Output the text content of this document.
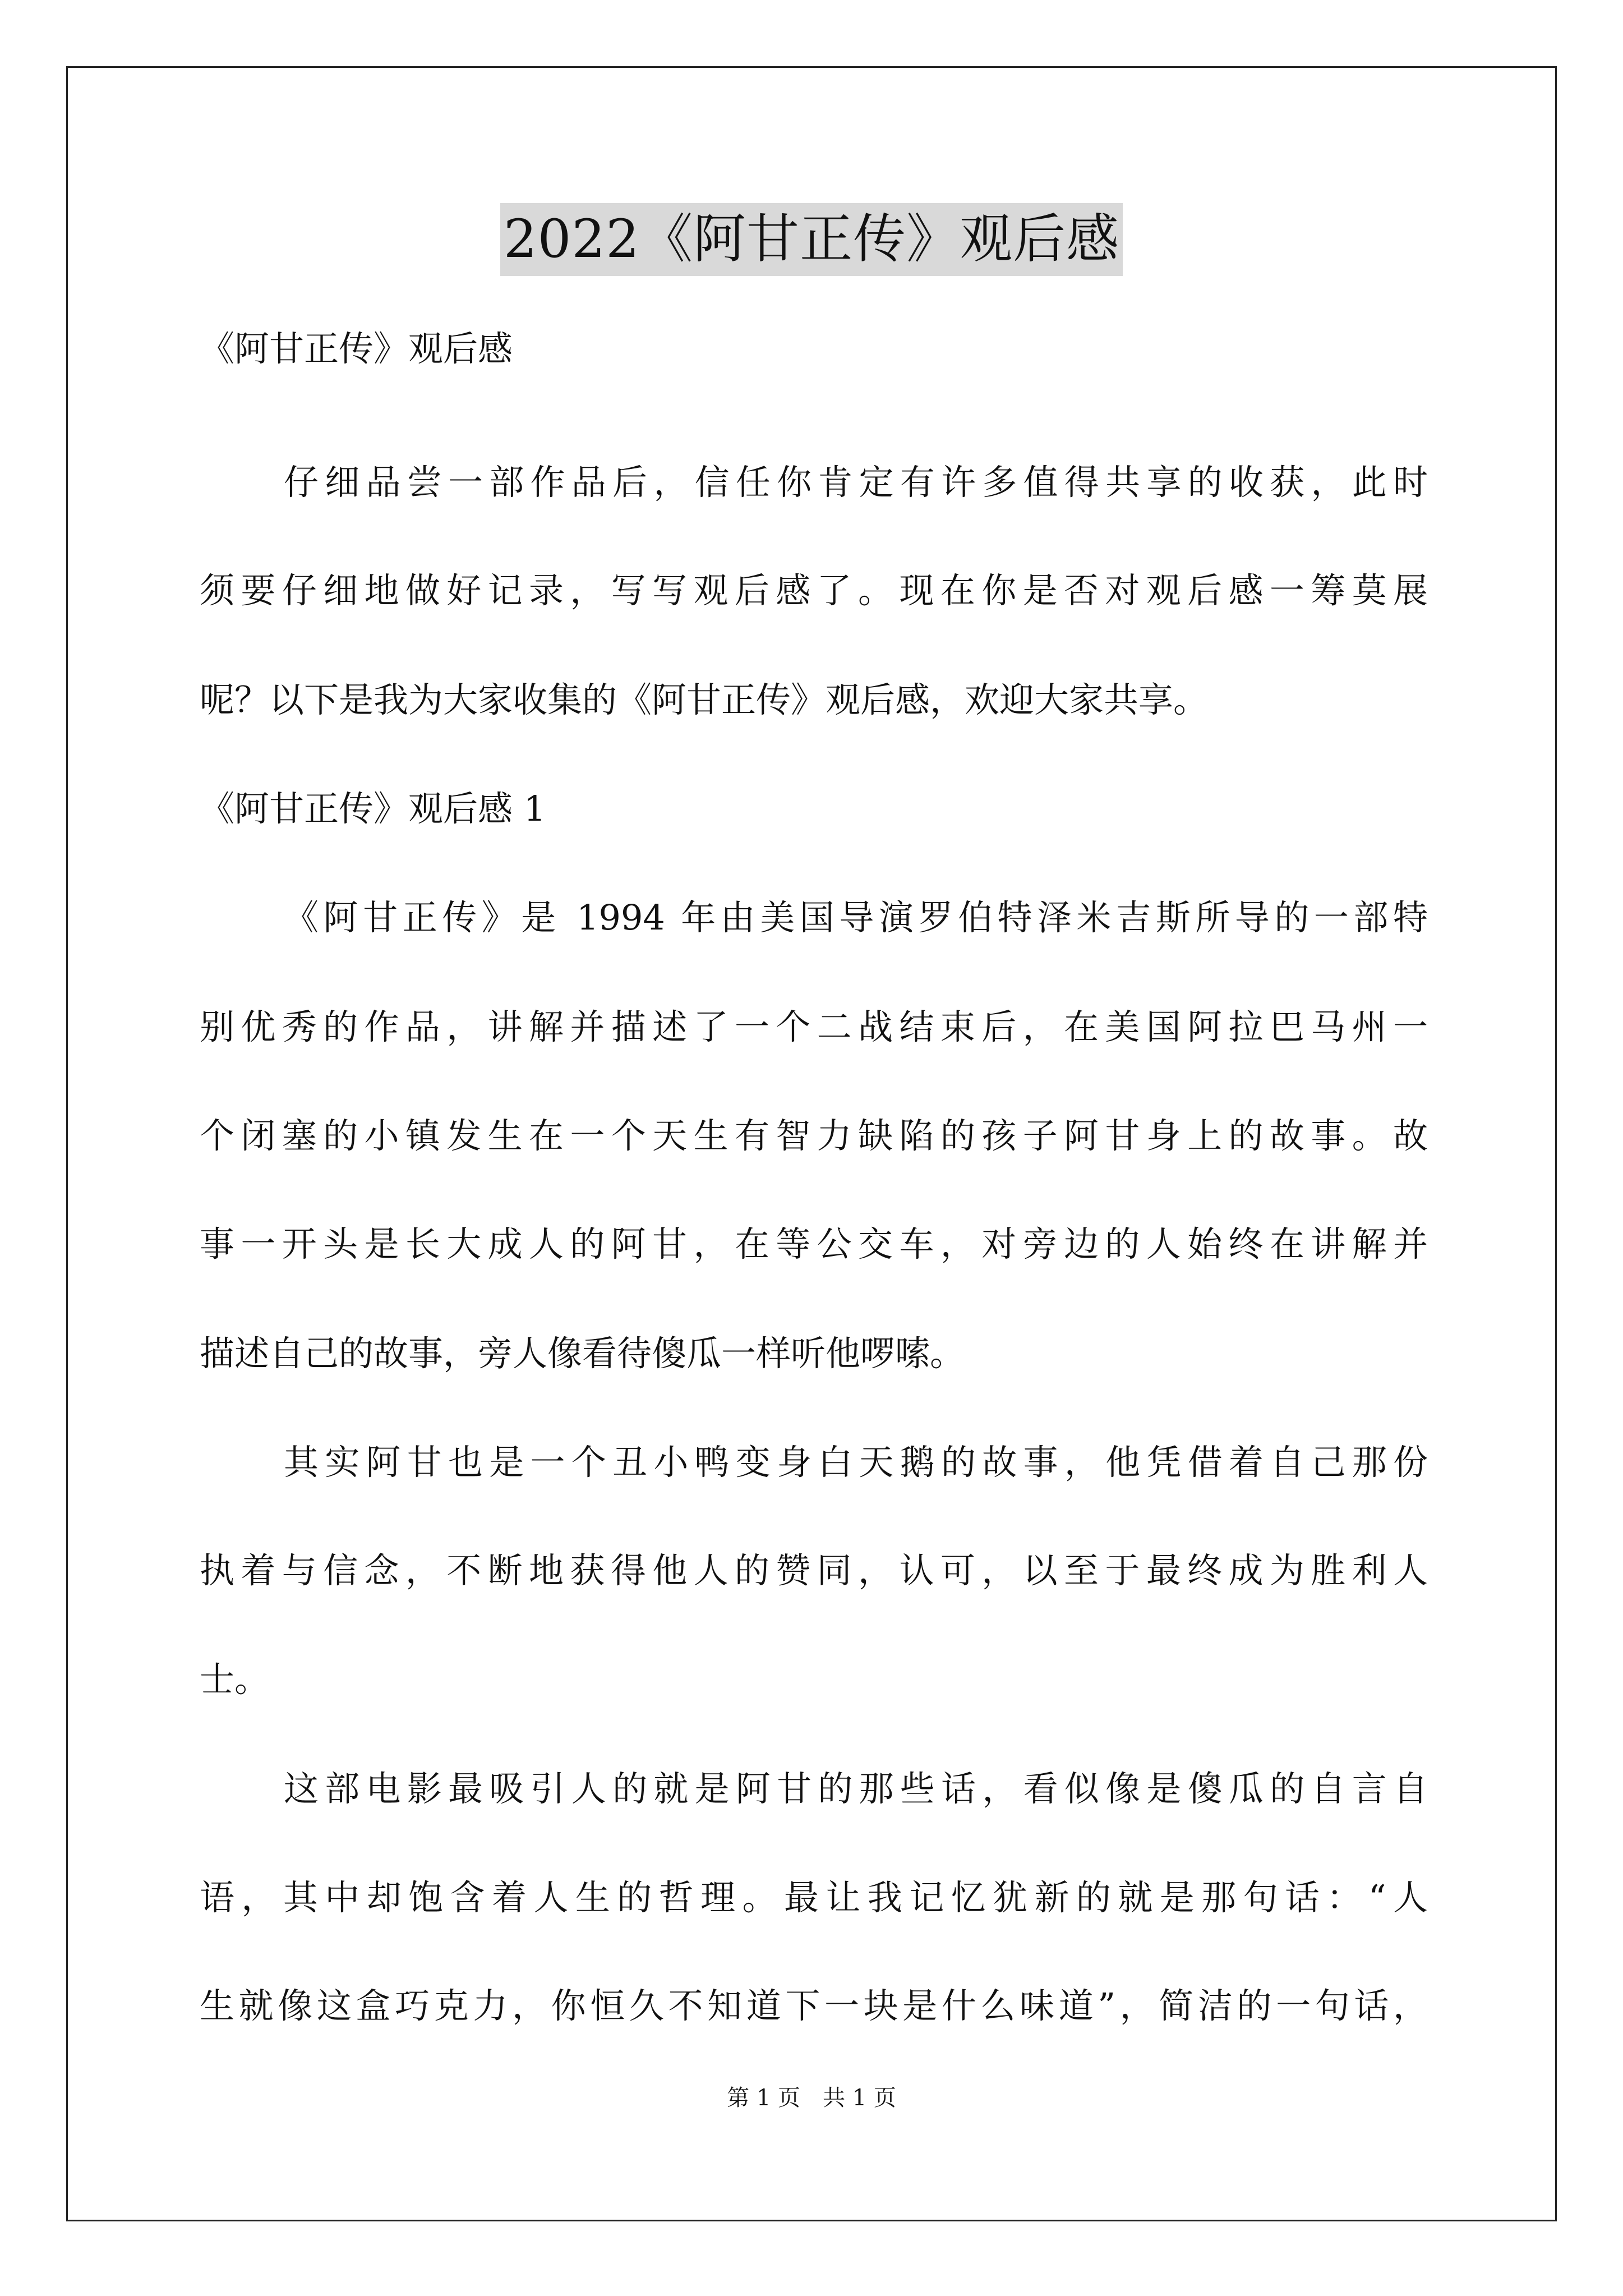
2022《阿甘正传》观后感
《阿甘正传》观后感
仔细品尝一部作品后，信任你肯定有许多值得共享的收获，此时
须要仔细地做好记录，写写观后感了。现在你是否对观后感一筹莫展
呢？以下是我为大家收集的《阿甘正传》观后感，欢迎大家共享。
《阿甘正传》观后感 1
《阿甘正传》是 1994 年由美国导演罗伯特泽米吉斯所导的一部特
别优秀的作品，讲解并描述了一个二战结束后，在美国阿拉巴马州一
个闭塞的小镇发生在一个天生有智力缺陷的孩子阿甘身上的故事。故
事一开头是长大成人的阿甘，在等公交车，对旁边的人始终在讲解并
描述自己的故事，旁人像看待傻瓜一样听他啰嗦。
其实阿甘也是一个丑小鸭变身白天鹅的故事，他凭借着自己那份
执着与信念，不断地获得他人的赞同，认可，以至于最终成为胜利人
士。
这部电影最吸引人的就是阿甘的那些话，看似像是傻瓜的自言自
语，其中却饱含着人生的哲理。最让我记忆犹新的就是那句话：“人
生就像这盒巧克力，你恒久不知道下一块是什么味道”，简洁的一句话，
第 1 页　共 1 页
